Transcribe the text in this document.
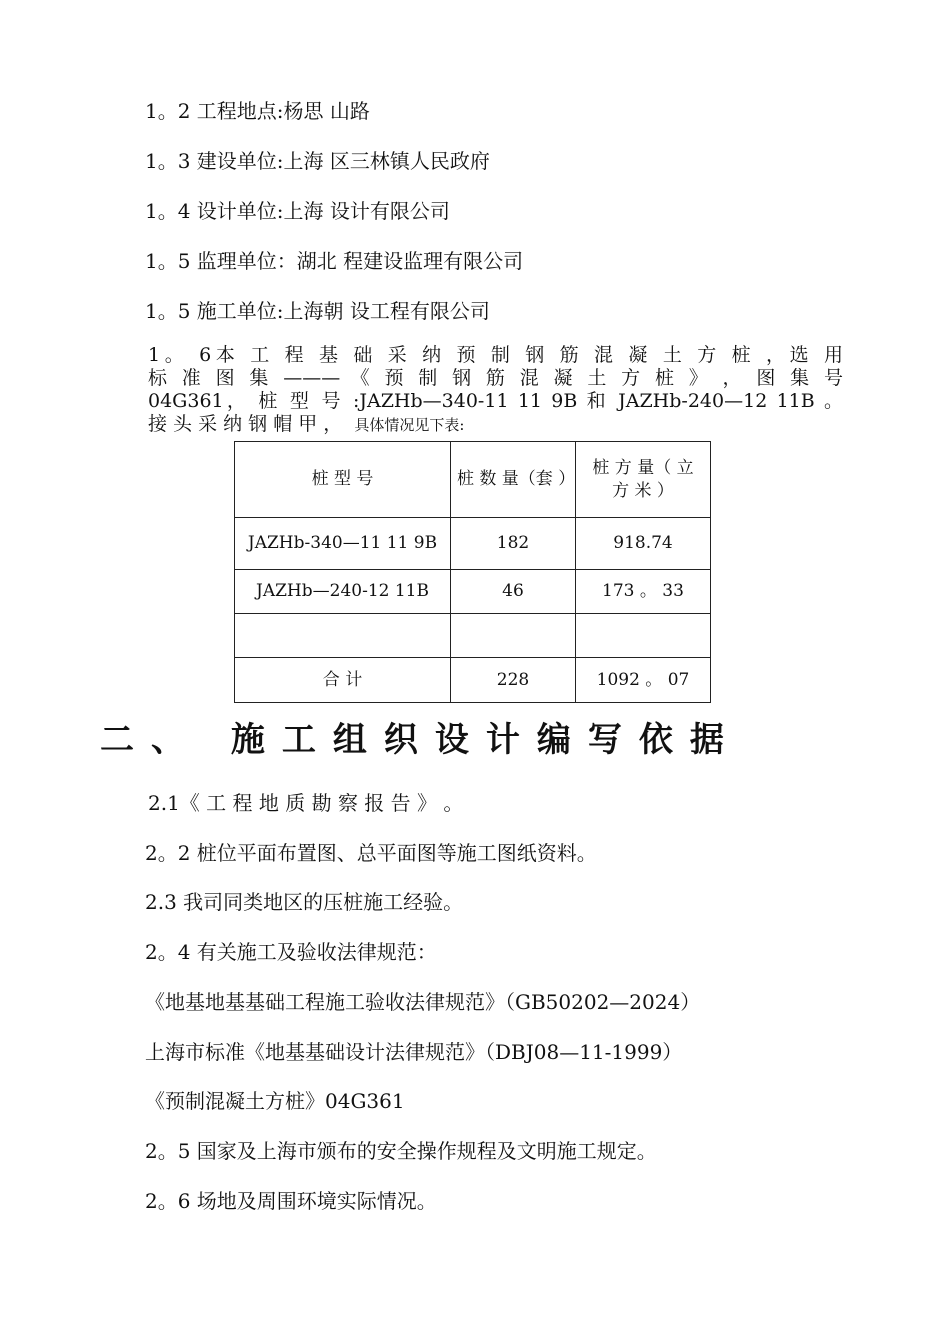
1。2 工程地点:杨思 山路
1。3 建设单位:上海 区三林镇人民政府
1。4 设计单位:上海 设计有限公司
1。5 监理单位：湖北 程建设监理有限公司
1。5 施工单位:上海朝 设工程有限公司
1。 6本 工 程 基 础 采 纳 预 制 钢 筋 混 凝 土 方 桩 ，选 用
标 准 图 集 ——— 《 预 制 钢 筋 混 凝 土 方 桩 》 ， 图 集 号
04G361， 桩 型 号 :JAZHb—340-11 11 9B 和 JAZHb-240—12 11B 。
接 头 采 纳 钢 帽 甲 ， 具体情况见下表:
桩 型 号	桩 数 量（套 ）	桩 方 量（ 立 方 米 ）
JAZHb-340—11 11 9B	182	918.74
JAZHb—240-12 11B	46	173 。 33

合 计	228	1092 。 07
二、 施工组织设计编写依据
2.1《 工 程 地 质 勘 察 报 告 》 。
2。2 桩位平面布置图、总平面图等施工图纸资料。
2.3 我司同类地区的压桩施工经验。
2。4 有关施工及验收法律规范：
《地基地基基础工程施工验收法律规范》（GB50202—2024）
上海市标准《地基基础设计法律规范》（DBJ08—11-1999）
《预制混凝土方桩》04G361
2。5 国家及上海市颁布的安全操作规程及文明施工规定。
2。6 场地及周围环境实际情况。
